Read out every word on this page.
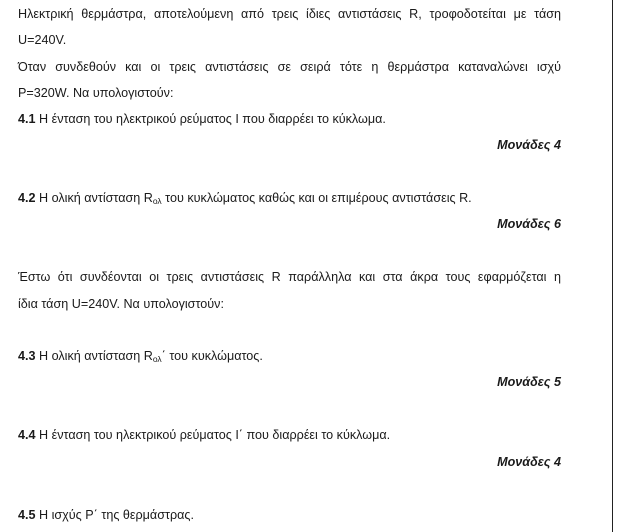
Ηλεκτρική θερμάστρα, αποτελούμενη από τρεις ίδιες αντιστάσεις R, τροφοδοτείται με τάση
U=240V.
Όταν συνδεθούν και οι τρεις αντιστάσεις σε σειρά τότε η θερμάστρα καταναλώνει ισχύ
P=320W. Να υπολογιστούν:
4.1 Η ένταση του ηλεκτρικού ρεύματος Ι που διαρρέει το κύκλωμα.
Μονάδες 4
4.2 Η ολική αντίσταση $R_{o\lambda}$ του κυκλώματος καθώς και οι επιμέρους αντιστάσεις R.
Μονάδες 6
Έστω ότι συνδέονται οι τρεις αντιστάσεις R παράλληλα και στα άκρα τους εφαρμόζεται η
ίδια τάση U=240V. Να υπολογιστούν:
4.3 Η ολική αντίσταση $R_{o\lambda}΄$ του κυκλώματος.
Μονάδες 5
4.4 Η ένταση του ηλεκτρικού ρεύματος Ι΄ που διαρρέει το κύκλωμα.
Μονάδες 4
4.5 Η ισχύς Ρ΄ της θερμάστρας.
